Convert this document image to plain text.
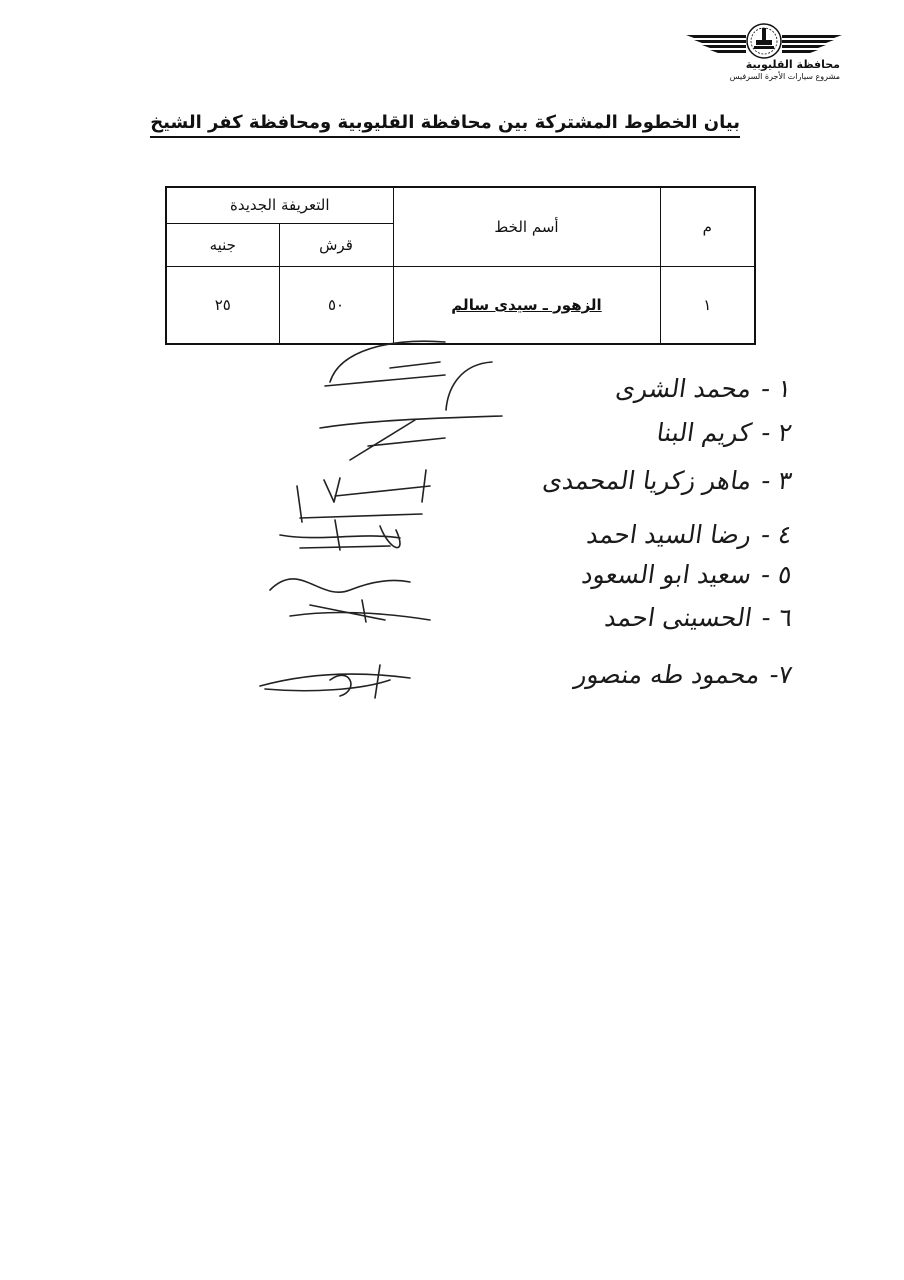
محافظة القليوبية
مشروع سيارات الأجرة السرفيس
بيان الخطوط المشتركة بين محافظة القليوبية ومحافظة كفر الشيخ
م	أسم الخط	التعريفة الجديدة	
		قرش	جنيه
١	الزهور ـ سيدى سالم	٥٠	٢٥
١ -محمد الشرى
٢ -كريم البنا
٣ -ماهر زكريا المحمدى
٤ -رضا السيد احمد
٥ -سعيد ابو السعود
٦ -الحسينى احمد
٧-محمود طه منصور
